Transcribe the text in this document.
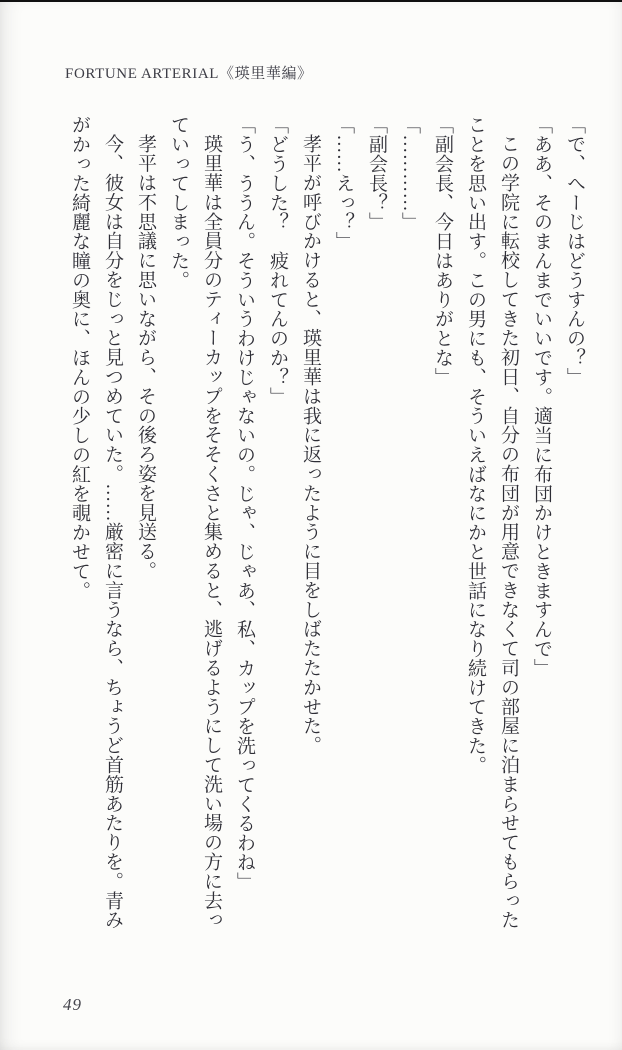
FORTUNE ARTERIAL《瑛里華編》

「で、へーじはどうすんの？」

「ああ、そのまんまでいいです。適当に布団かけときますんで」

この学院に転校してきた初日、自分の布団が用意できなくて司の部屋に泊まらせてもらったことを思い出す。この男にも、そういえばなにかと世話になり続けてきた。

「副会長、今日はありがとな」

「…………」

「副会長？」

「……えっ？」

孝平が呼びかけると、瑛里華は我に返ったように目をしばたたかせた。

「どうした？　疲れてんのか？」

「う、ううん。そういうわけじゃないの。じゃ、じゃあ、私、カップを洗ってくるわね」

瑛里華は全員分のティーカップをそそくさと集めると、逃げるようにして洗い場の方に去っていってしまった。

孝平は不思議に思いながら、その後ろ姿を見送る。

今、彼女は自分をじっと見つめていた。……厳密に言うなら、ちょうど首筋あたりを。青みがかった綺麗な瞳の奥に、ほんの少しの紅を覗かせて。

49
